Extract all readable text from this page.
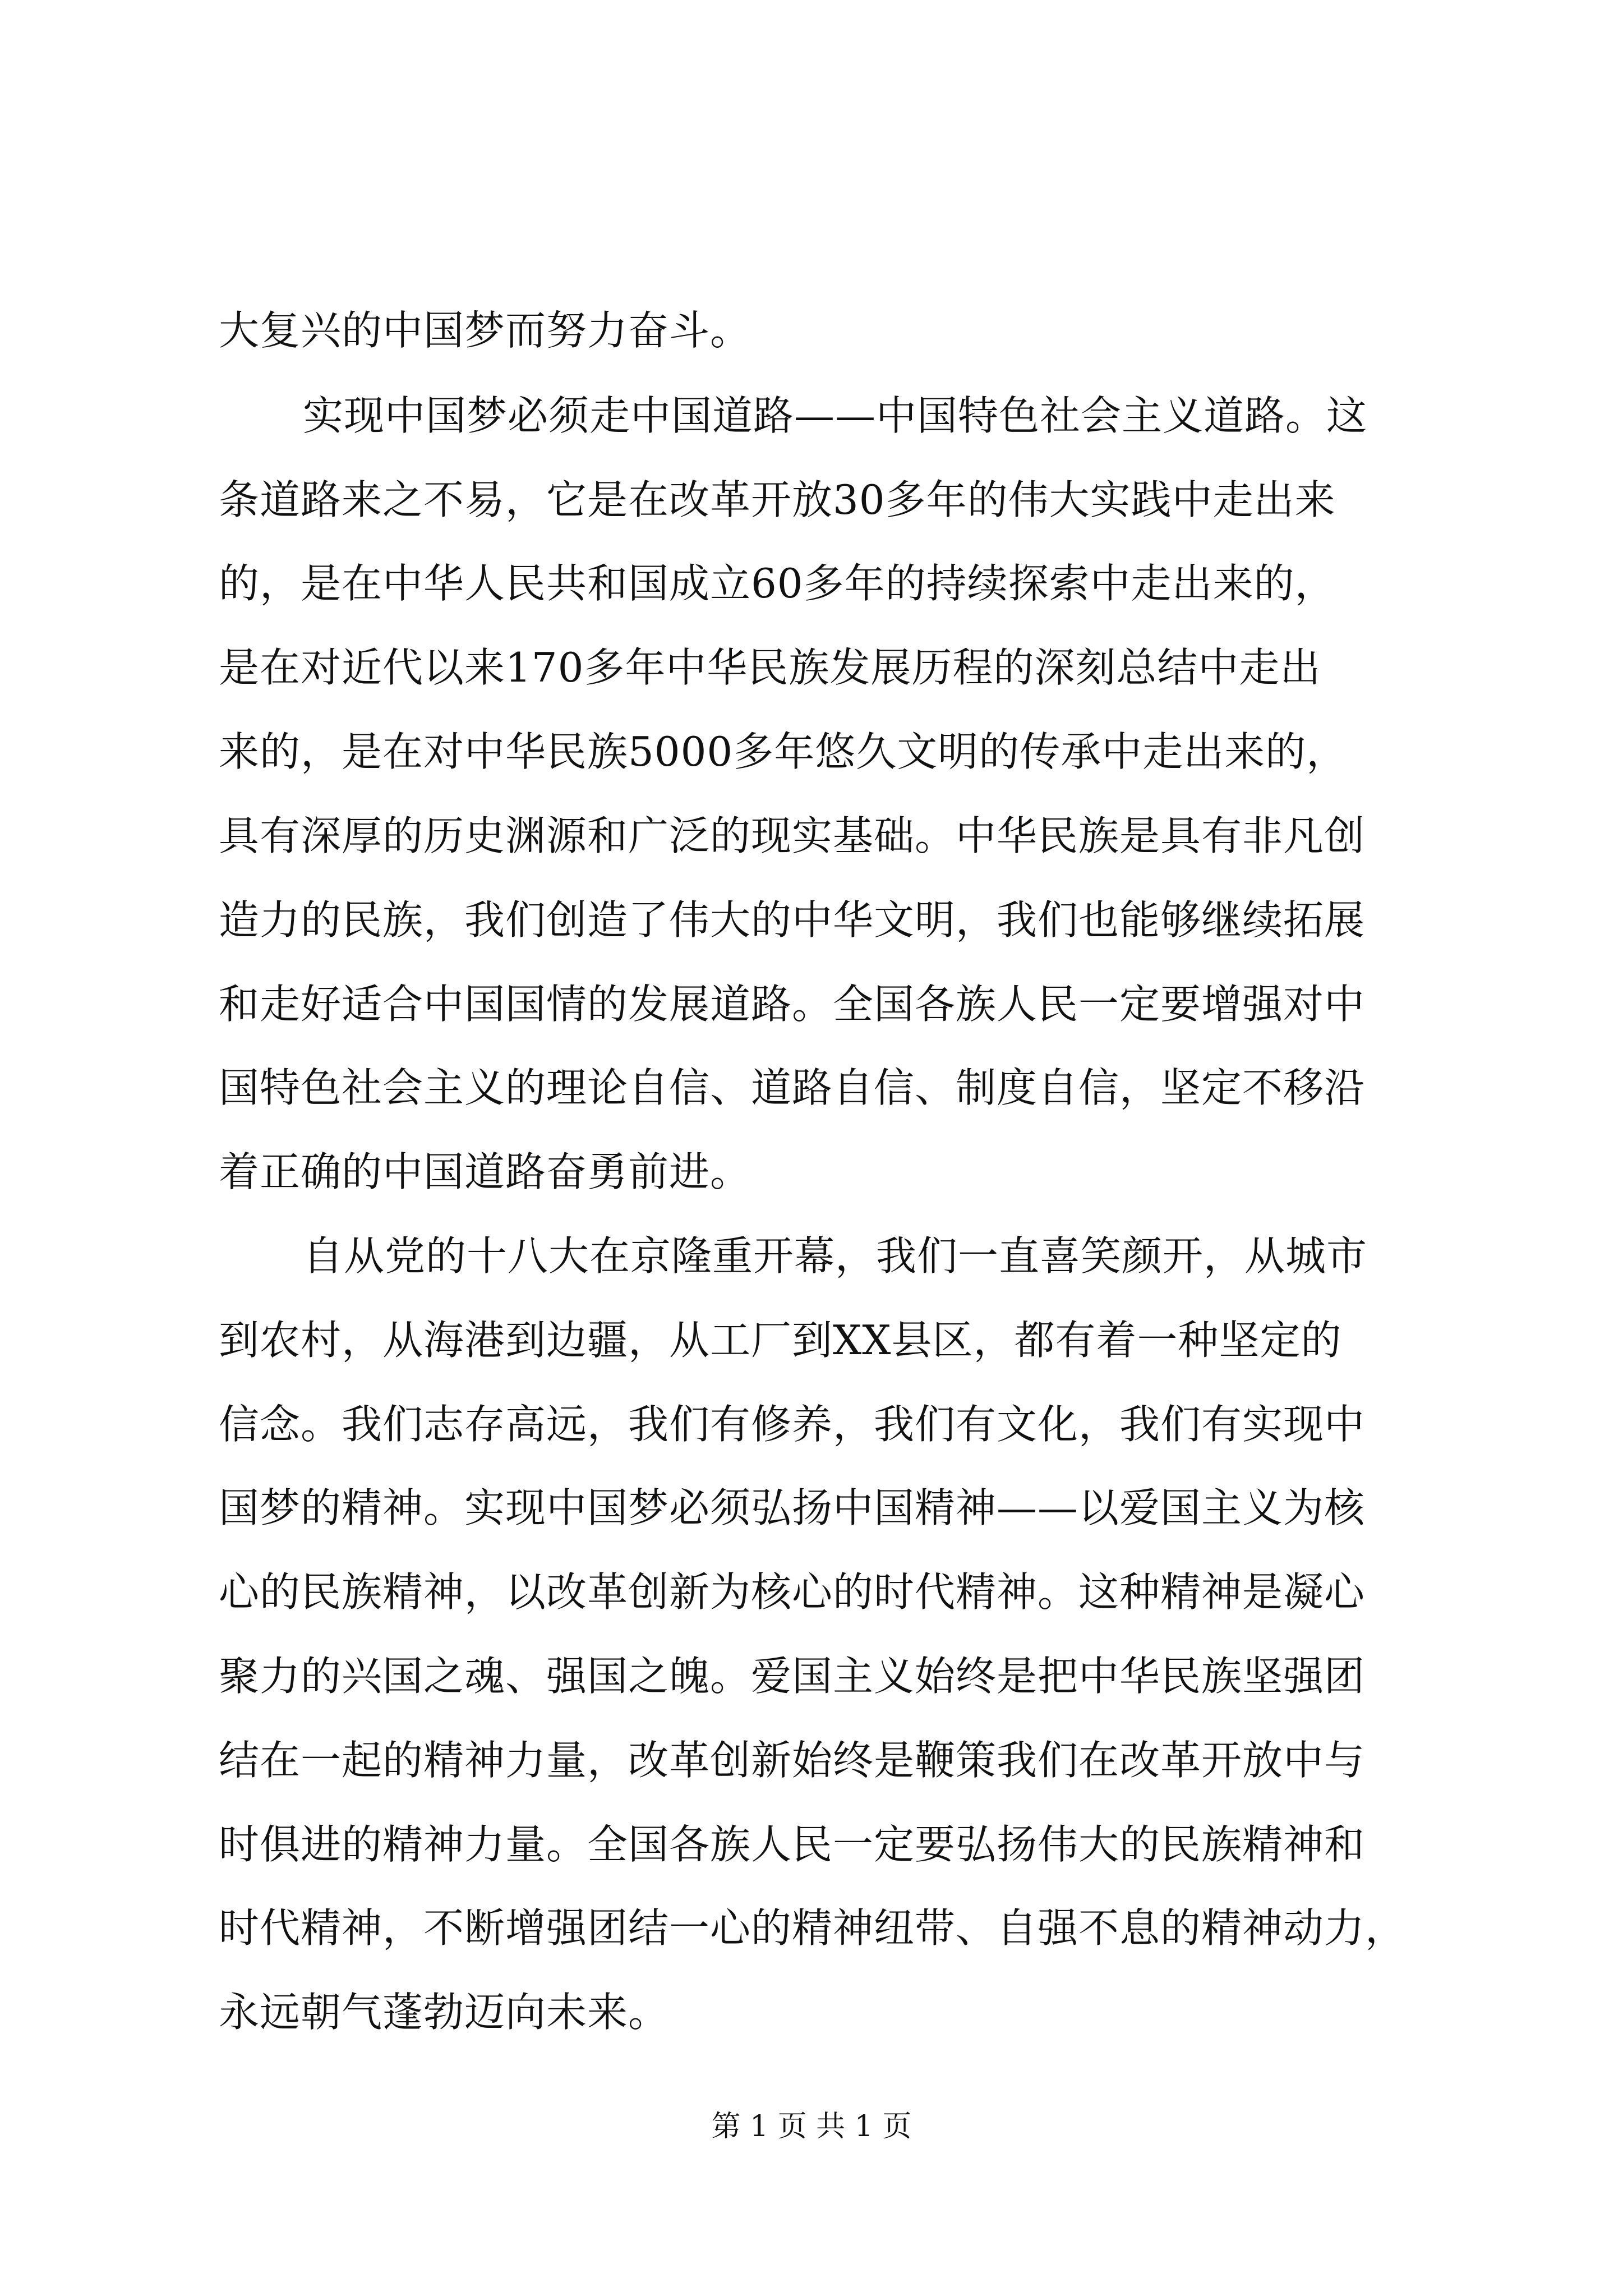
大复兴的中国梦而努力奋斗。
实现中国梦必须走中国道路——中国特色社会主义道路。这
条道路来之不易，它是在改革开放30多年的伟大实践中走出来
的，是在中华人民共和国成立60多年的持续探索中走出来的，
是在对近代以来170多年中华民族发展历程的深刻总结中走出
来的，是在对中华民族5000多年悠久文明的传承中走出来的，
具有深厚的历史渊源和广泛的现实基础。中华民族是具有非凡创
造力的民族，我们创造了伟大的中华文明，我们也能够继续拓展
和走好适合中国国情的发展道路。全国各族人民一定要增强对中
国特色社会主义的理论自信、道路自信、制度自信，坚定不移沿
着正确的中国道路奋勇前进。
自从党的十八大在京隆重开幕，我们一直喜笑颜开，从城市
到农村，从海港到边疆，从工厂到XX县区，都有着一种坚定的
信念。我们志存高远，我们有修养，我们有文化，我们有实现中
国梦的精神。实现中国梦必须弘扬中国精神——以爱国主义为核
心的民族精神，以改革创新为核心的时代精神。这种精神是凝心
聚力的兴国之魂、强国之魄。爱国主义始终是把中华民族坚强团
结在一起的精神力量，改革创新始终是鞭策我们在改革开放中与
时俱进的精神力量。全国各族人民一定要弘扬伟大的民族精神和
时代精神，不断增强团结一心的精神纽带、自强不息的精神动力，
永远朝气蓬勃迈向未来。
第 1 页 共 1 页
